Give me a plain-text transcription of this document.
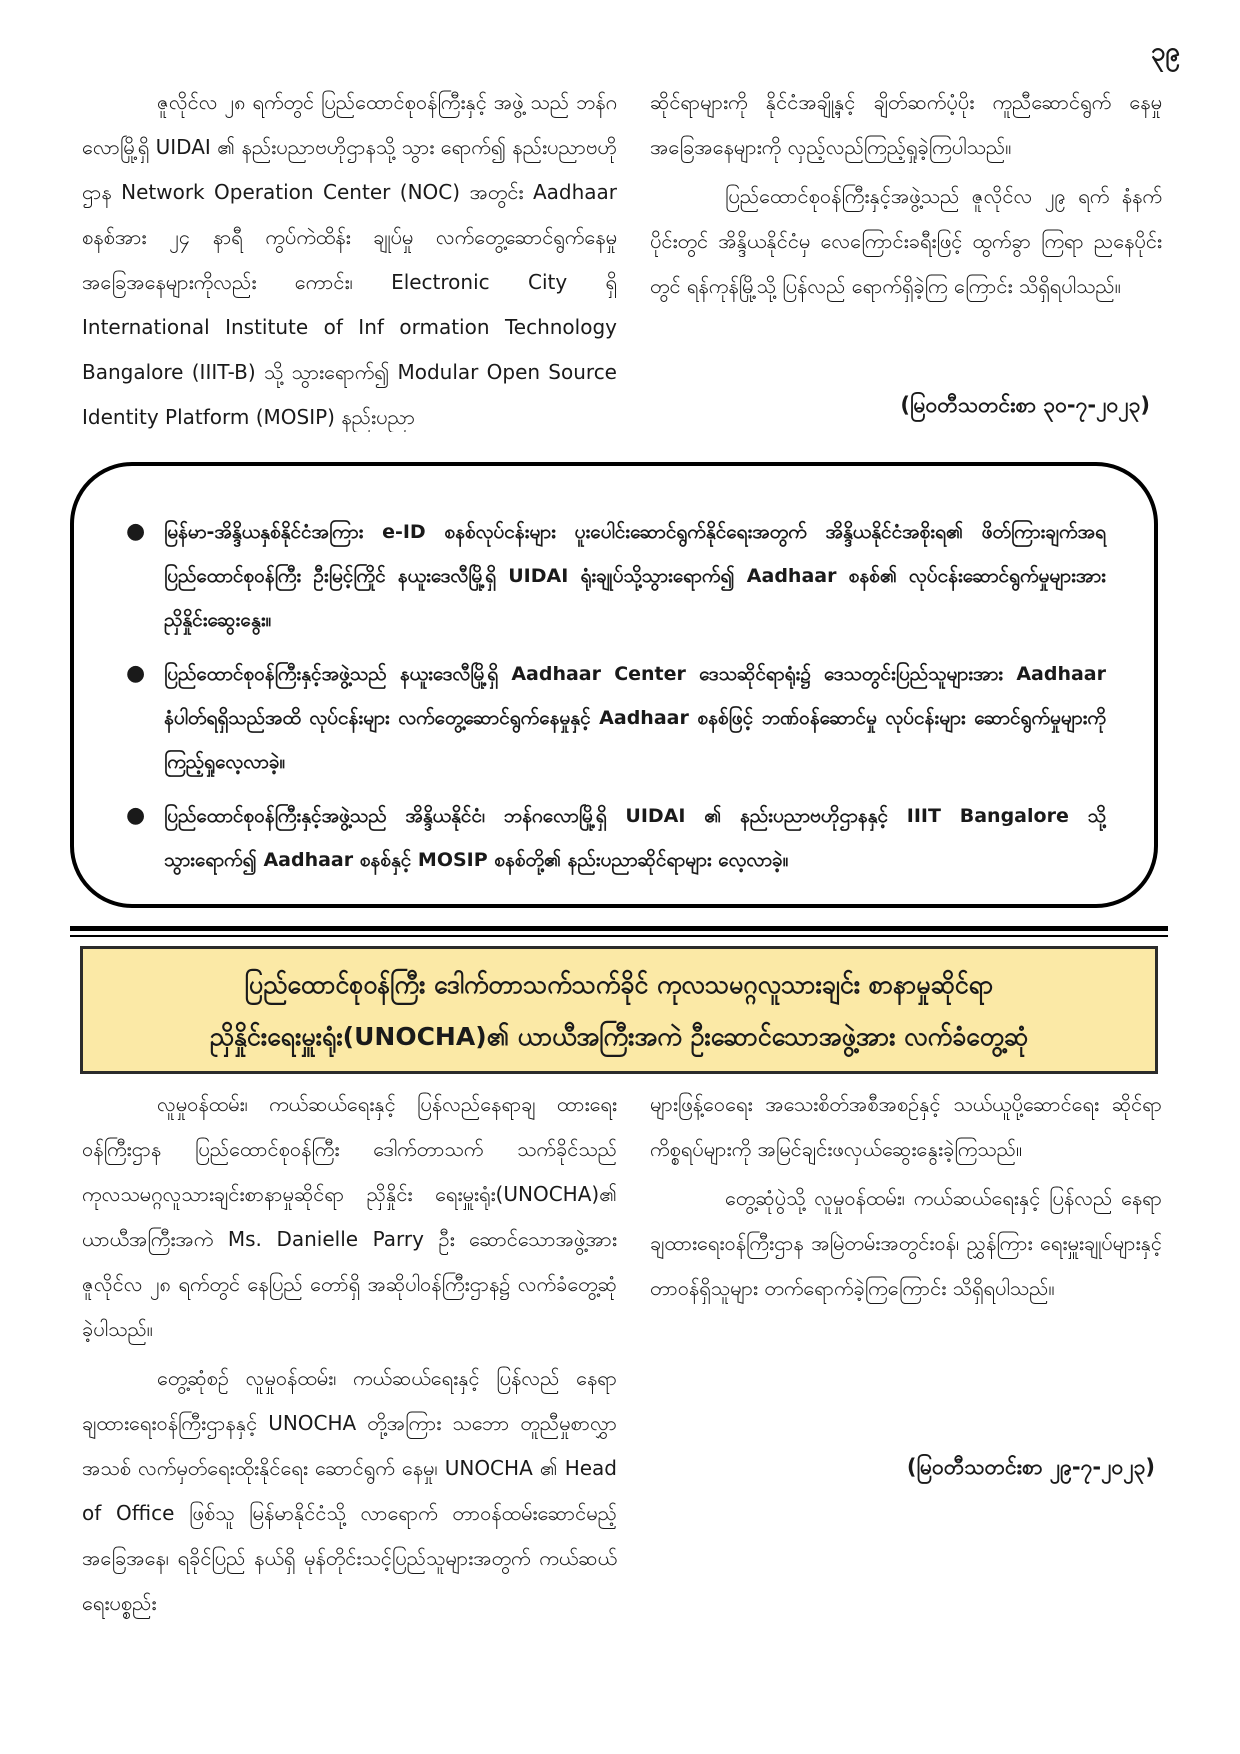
၃၉

ဇူလိုင်လ ၂၈ ရက်တွင် ပြည်ထောင်စုဝန်ကြီးနှင့် အဖွဲ့ သည် ဘန်ဂလောမြို့ရှိ UIDAI ၏ နည်းပညာဗဟိုဌာနသို့ သွား ရောက်၍ နည်းပညာဗဟိုဌာန Network Operation Center (NOC) အတွင်း Aadhaar စနစ်အား ၂၄ နာရီ ကွပ်ကဲထိန်း ချုပ်မှု လက်တွေ့ဆောင်ရွက်နေမှု အခြေအနေများကိုလည်း ကောင်း၊ Electronic City ရှိ International Institute of Inf ormation Technology Bangalore (IIIT-B) သို့ သွားရောက်၍ Modular Open Source Identity Platform (MOSIP) နည်းပညာ

ဆိုင်ရာများကို နိုင်ငံအချို့နှင့် ချိတ်ဆက်ပံ့ပိုး ကူညီဆောင်ရွက် နေမှု အခြေအနေများကို လှည့်လည်ကြည့်ရှုခဲ့ကြပါသည်။

ပြည်ထောင်စုဝန်ကြီးနှင့်အဖွဲ့သည် ဇူလိုင်လ ၂၉ ရက် နံနက်ပိုင်းတွင် အိန္ဒိယနိုင်ငံမှ လေကြောင်းခရီးဖြင့် ထွက်ခွာ ကြရာ ညနေပိုင်းတွင် ရန်ကုန်မြို့သို့ ပြန်လည် ရောက်ရှိခဲ့ကြ ကြောင်း သိရှိရပါသည်။

(မြဝတီသတင်းစာ ၃၀-၇-၂၀၂၃)
● မြန်မာ-အိန္ဒိယနှစ်နိုင်ငံအကြား e-ID စနစ်လုပ်ငန်းများ ပူးပေါင်းဆောင်ရွက်နိုင်ရေးအတွက် အိန္ဒိယနိုင်ငံအစိုးရ၏ ဖိတ်ကြားချက်အရ ပြည်ထောင်စုဝန်ကြီး ဦးမြင့်ကြိုင် နယူးဒေလီမြို့ရှိ UIDAI ရုံးချုပ်သို့သွားရောက်၍ Aadhaar စနစ်၏ လုပ်ငန်းဆောင်ရွက်မှုများအား ညှိနှိုင်းဆွေးနွေး။
● ပြည်ထောင်စုဝန်ကြီးနှင့်အဖွဲ့သည် နယူးဒေလီမြို့ရှိ Aadhaar Center ဒေသဆိုင်ရာရုံး၌ ဒေသတွင်းပြည်သူများအား Aadhaar နံပါတ်ရရှိသည်အထိ လုပ်ငန်းများ လက်တွေ့ဆောင်ရွက်နေမှုနှင့် Aadhaar စနစ်ဖြင့် ဘဏ်ဝန်ဆောင်မှု လုပ်ငန်းများ ဆောင်ရွက်မှုများကို ကြည့်ရှုလေ့လာခဲ့။
● ပြည်ထောင်စုဝန်ကြီးနှင့်အဖွဲ့သည် အိန္ဒိယနိုင်ငံ၊ ဘန်ဂလောမြို့ရှိ UIDAI ၏ နည်းပညာဗဟိုဌာနနှင့် IIIT Bangalore သို့ သွားရောက်၍ Aadhaar စနစ်နှင့် MOSIP စနစ်တို့၏ နည်းပညာဆိုင်ရာများ လေ့လာခဲ့။
ပြည်ထောင်စုဝန်ကြီး ဒေါက်တာသက်သက်ခိုင် ကုလသမဂ္ဂလူသားချင်း စာနာမှုဆိုင်ရာ
ညှိနှိုင်းရေးမှူးရုံး(UNOCHA)၏ ယာယီအကြီးအကဲ ဦးဆောင်သောအဖွဲ့အား လက်ခံတွေ့ဆုံ

လူမှုဝန်ထမ်း၊ ကယ်ဆယ်ရေးနှင့် ပြန်လည်နေရာချ ထားရေးဝန်ကြီးဌာန ပြည်ထောင်စုဝန်ကြီး ဒေါက်တာသက် သက်ခိုင်သည် ကုလသမဂ္ဂလူသားချင်းစာနာမှုဆိုင်ရာ ညှိနှိုင်း ရေးမှူးရုံး(UNOCHA)၏ ယာယီအကြီးအကဲ Ms. Danielle Parry ဦး ဆောင်သောအဖွဲ့အား ဇူလိုင်လ ၂၈ ရက်တွင် နေပြည် တော်ရှိ အဆိုပါဝန်ကြီးဌာန၌ လက်ခံတွေ့ဆုံခဲ့ပါသည်။

တွေ့ဆုံစဉ် လူမှုဝန်ထမ်း၊ ကယ်ဆယ်ရေးနှင့် ပြန်လည် နေရာချထားရေးဝန်ကြီးဌာနနှင့် UNOCHA တို့အကြား သဘော တူညီမှုစာလွှာအသစ် လက်မှတ်ရေးထိုးနိုင်ရေး ဆောင်ရွက် နေမှု၊ UNOCHA ၏ Head of Office ဖြစ်သူ မြန်မာနိုင်ငံသို့ လာရောက် တာဝန်ထမ်းဆောင်မည့်အခြေအနေ၊ ရခိုင်ပြည် နယ်ရှိ မုန်တိုင်းသင့်ပြည်သူများအတွက် ကယ်ဆယ်ရေးပစ္စည်း

များဖြန့်ဝေရေး အသေးစိတ်အစီအစဉ်နှင့် သယ်ယူပို့ဆောင်ရေး ဆိုင်ရာ ကိစ္စရပ်များကို အမြင်ချင်းဖလှယ်ဆွေးနွေးခဲ့ကြသည်။

တွေ့ဆုံပွဲသို့ လူမှုဝန်ထမ်း၊ ကယ်ဆယ်ရေးနှင့် ပြန်လည် နေရာချထားရေးဝန်ကြီးဌာန အမြဲတမ်းအတွင်းဝန်၊ ညွှန်ကြား ရေးမှူးချုပ်များနှင့် တာဝန်ရှိသူများ တက်ရောက်ခဲ့ကြကြောင်း သိရှိရပါသည်။

(မြဝတီသတင်းစာ ၂၉-၇-၂၀၂၃)
